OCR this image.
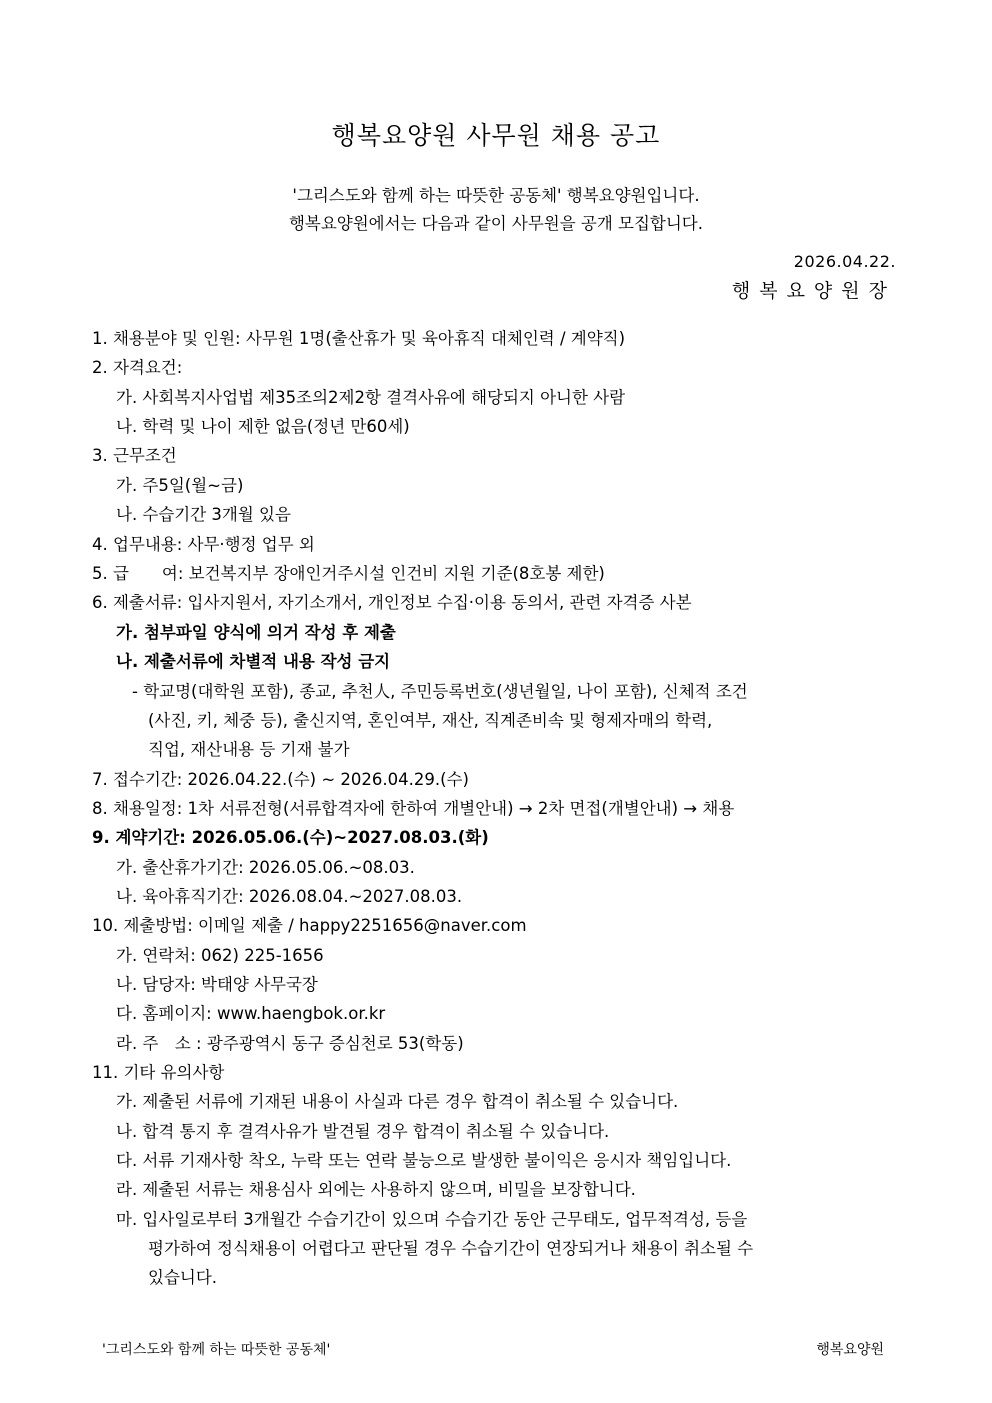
행복요양원 사무원 채용 공고
'그리스도와 함께 하는 따뜻한 공동체' 행복요양원입니다.
행복요양원에서는 다음과 같이 사무원을 공개 모집합니다.
2026.04.22.
행복요양원장
1. 채용분야 및 인원: 사무원 1명(출산휴가 및 육아휴직 대체인력 / 계약직)
2. 자격요건:
가. 사회복지사업법 제35조의2제2항 결격사유에 해당되지 아니한 사람
나. 학력 및 나이 제한 없음(정년 만60세)
3. 근무조건
가. 주5일(월~금)
나. 수습기간 3개월 있음
4. 업무내용: 사무·행정 업무 외
5. 급　　여: 보건복지부 장애인거주시설 인건비 지원 기준(8호봉 제한)
6. 제출서류: 입사지원서, 자기소개서, 개인정보 수집·이용 동의서, 관련 자격증 사본
가. 첨부파일 양식에 의거 작성 후 제출
나. 제출서류에 차별적 내용 작성 금지
- 학교명(대학원 포함), 종교, 추천人, 주민등록번호(생년월일, 나이 포함), 신체적 조건
(사진, 키, 체중 등), 출신지역, 혼인여부, 재산, 직계존비속 및 형제자매의 학력,
직업, 재산내용 등 기재 불가
7. 접수기간: 2026.04.22.(수) ~ 2026.04.29.(수)
8. 채용일정: 1차 서류전형(서류합격자에 한하여 개별안내) → 2차 면접(개별안내) → 채용
9. 계약기간: 2026.05.06.(수)~2027.08.03.(화)
가. 출산휴가기간: 2026.05.06.~08.03.
나. 육아휴직기간: 2026.08.04.~2027.08.03.
10. 제출방법: 이메일 제출 / happy2251656@naver.com
가. 연락처: 062) 225-1656
나. 담당자: 박태양 사무국장
다. 홈페이지: www.haengbok.or.kr
라. 주　소 : 광주광역시 동구 증심천로 53(학동)
11. 기타 유의사항
가. 제출된 서류에 기재된 내용이 사실과 다른 경우 합격이 취소될 수 있습니다.
나. 합격 통지 후 결격사유가 발견될 경우 합격이 취소될 수 있습니다.
다. 서류 기재사항 착오, 누락 또는 연락 불능으로 발생한 불이익은 응시자 책임입니다.
라. 제출된 서류는 채용심사 외에는 사용하지 않으며, 비밀을 보장합니다.
마. 입사일로부터 3개월간 수습기간이 있으며 수습기간 동안 근무태도, 업무적격성, 등을
평가하여 정식채용이 어렵다고 판단될 경우 수습기간이 연장되거나 채용이 취소될 수
있습니다.
'그리스도와 함께 하는 따뜻한 공동체'	행복요양원
